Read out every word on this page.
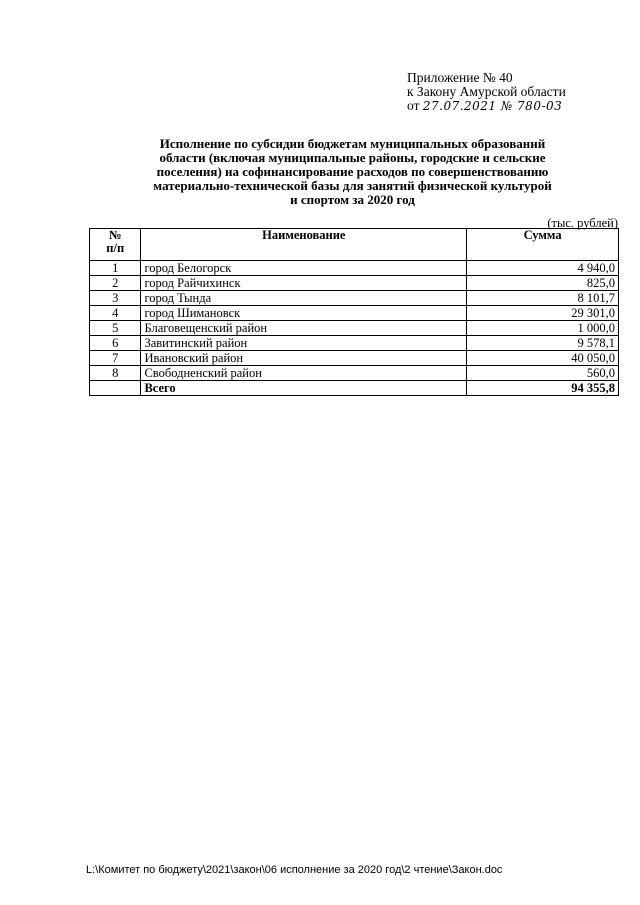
Приложение № 40
к Закону Амурской области
от 27.07.2021 № 780-03
Исполнение по субсидии бюджетам муниципальных образований
области (включая муниципальные районы, городские и сельские
поселения) на софинансирование расходов по совершенствованию
материально-технической базы для занятий физической культурой
и спортом за 2020 год
(тыс. рублей)
№
п/п	Наименование	Сумма
1	город Белогорск	4 940,0
2	город Райчихинск	825,0
3	город Тында	8 101,7
4	город Шимановск	29 301,0
5	Благовещенский район	1 000,0
6	Завитинский район	9 578,1
7	Ивановский район	40 050,0
8	Свободненский район	560,0
	Всего	94 355,8
L:\Комитет по бюджету\2021\закон\06 исполнение за 2020 год\2 чтение\Закон.doc
